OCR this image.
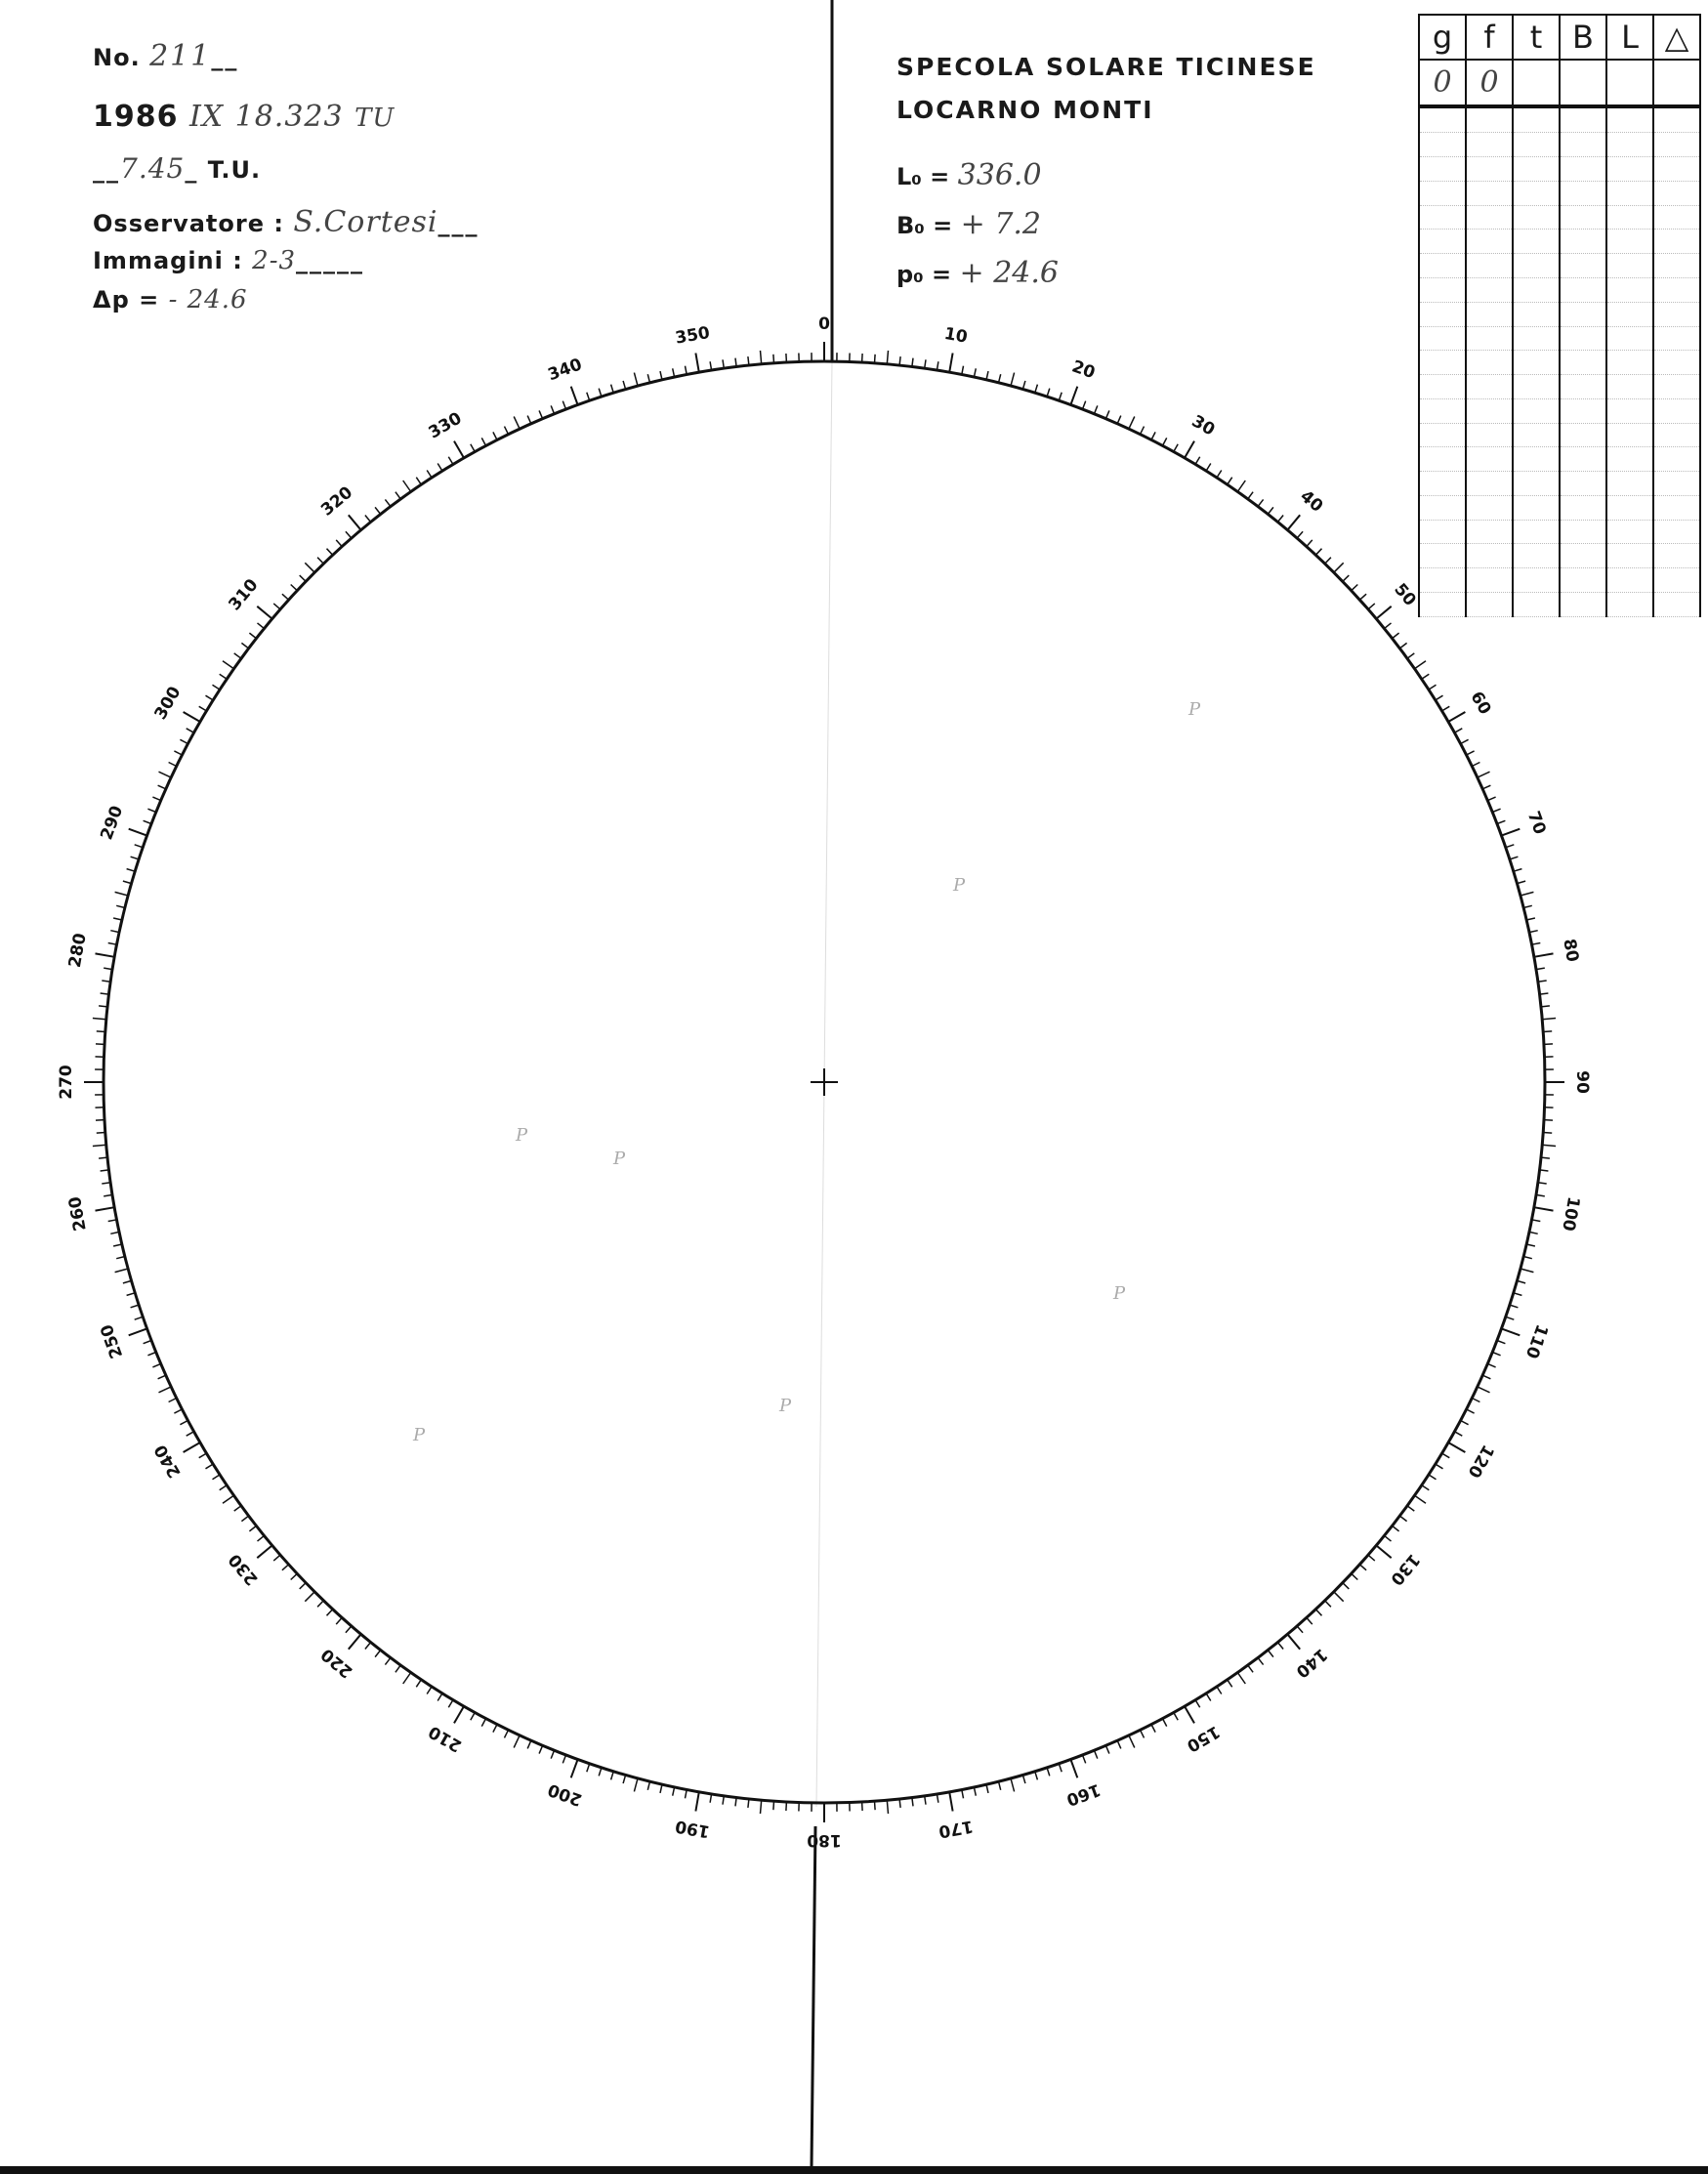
No. 211__
1986 IX 18.323 TU
__7.45_ T.U.
Osservatore : S.Cortesi___
Immagini : 2-3_____
Δp = - 24.6
SPECOLA SOLARE TICINESE
LOCARNO MONTI
L₀ = 336.0
B₀ = + 7.2
p₀ = + 24.6
g	f	t	B	L	△
0	0				

0	10
20
30
40
50
60
70
80
90
100
110
120
130
140
150
160
170
180
190
200
210
220
230
240
250
260
270
280
290
300
310
320
330
340
350
P
P
P
P
P
P
P
